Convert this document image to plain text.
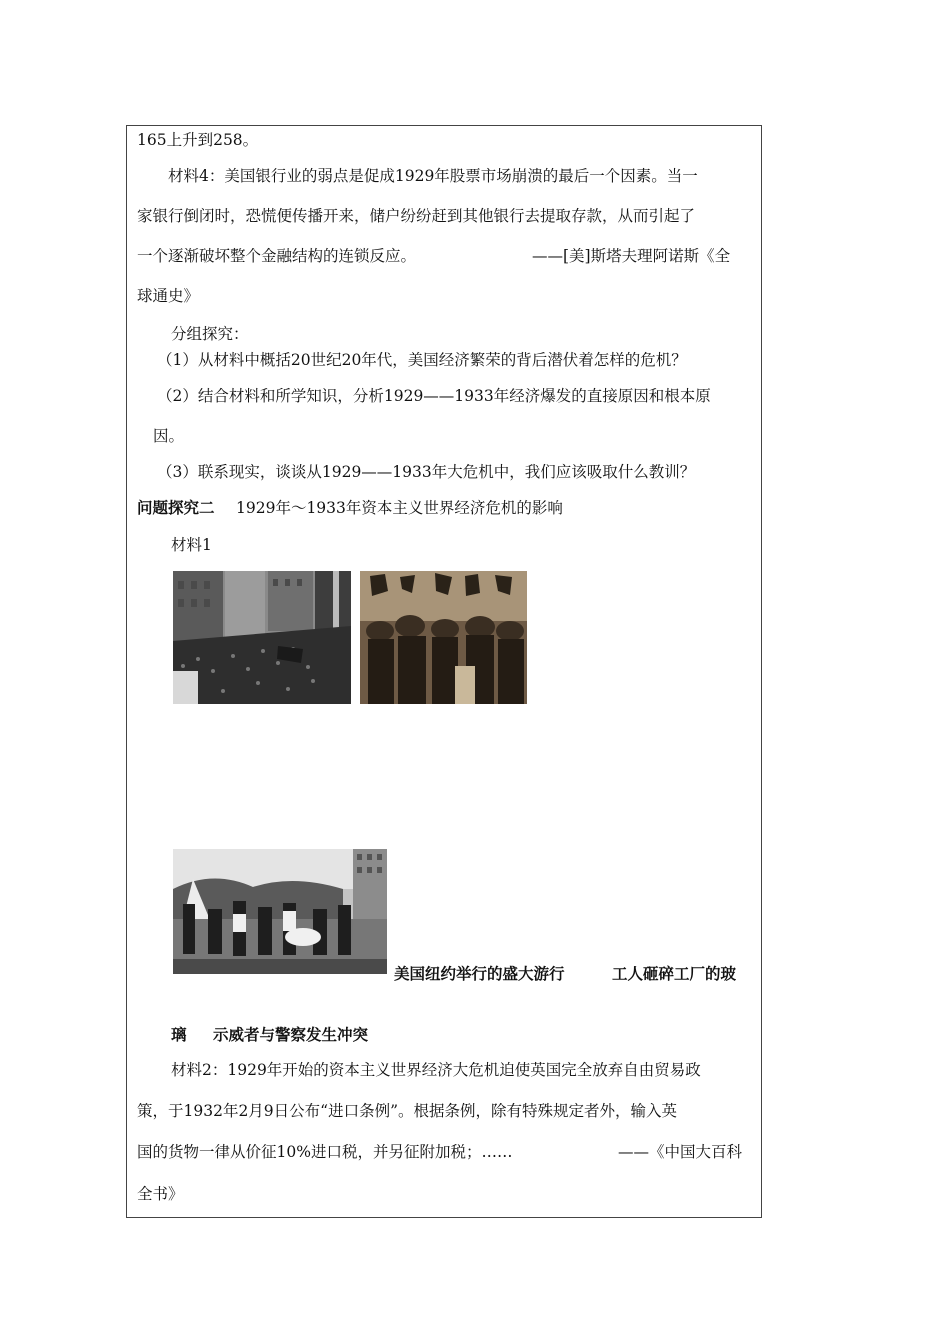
165上升到258。
材料4：美国银行业的弱点是促成1929年股票市场崩溃的最后一个因素。当一
家银行倒闭时，恐慌便传播开来，储户纷纷赶到其他银行去提取存款，从而引起了
一个逐渐破坏整个金融结构的连锁反应。	——[美]斯塔夫理阿诺斯《全
球通史》
分组探究：
（1）从材料中概括20世纪20年代，美国经济繁荣的背后潜伏着怎样的危机？
（2）结合材料和所学知识，分析1929——1933年经济爆发的直接原因和根本原
因。
（3）联系现实，谈谈从1929——1933年大危机中，我们应该吸取什么教训？
问题探究二 1929年～1933年资本主义世界经济危机的影响
材料1
美国纽约举行的盛大游行	工人砸碎工厂的玻
璃 示威者与警察发生冲突
材料2：1929年开始的资本主义世界经济大危机迫使英国完全放弃自由贸易政
策，于1932年2月9日公布“进口条例”。根据条例，除有特殊规定者外，输入英
国的货物一律从价征10%进口税，并另征附加税；……	——《中国大百科
全书》
